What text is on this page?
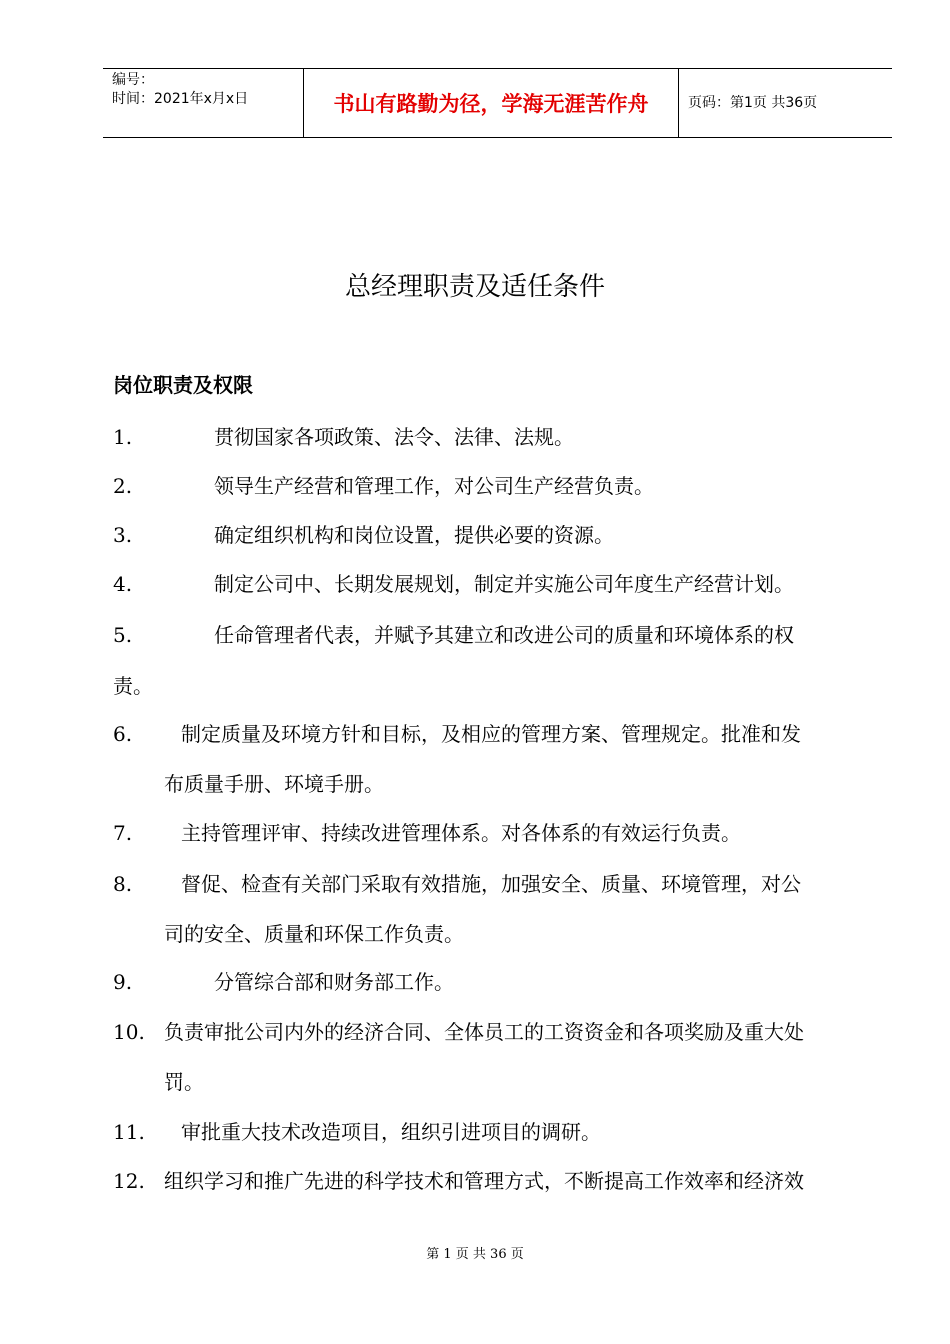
编号：
时间：2021年x月x日	书山有路勤为径，学海无涯苦作舟	页码：第1页 共36页
总经理职责及适任条件
岗位职责及权限
1.	贯彻国家各项政策、法令、法律、法规。
2.	领导生产经营和管理工作，对公司生产经营负责。
3.	确定组织机构和岗位设置，提供必要的资源。
4.	制定公司中、长期发展规划，制定并实施公司年度生产经营计划。
5.	任命管理者代表，并赋予其建立和改进公司的质量和环境体系的权
责。
6. 制定质量及环境方针和目标，及相应的管理方案、管理规定。批准和发
布质量手册、环境手册。
7. 主持管理评审、持续改进管理体系。对各体系的有效运行负责。
8. 督促、检查有关部门采取有效措施，加强安全、质量、环境管理，对公
司的安全、质量和环保工作负责。
9.	分管综合部和财务部工作。
10. 负责审批公司内外的经济合同、全体员工的工资资金和各项奖励及重大处
罚。
11. 审批重大技术改造项目，组织引进项目的调研。
12. 组织学习和推广先进的科学技术和管理方式，不断提高工作效率和经济效
第 1 页 共 36 页
